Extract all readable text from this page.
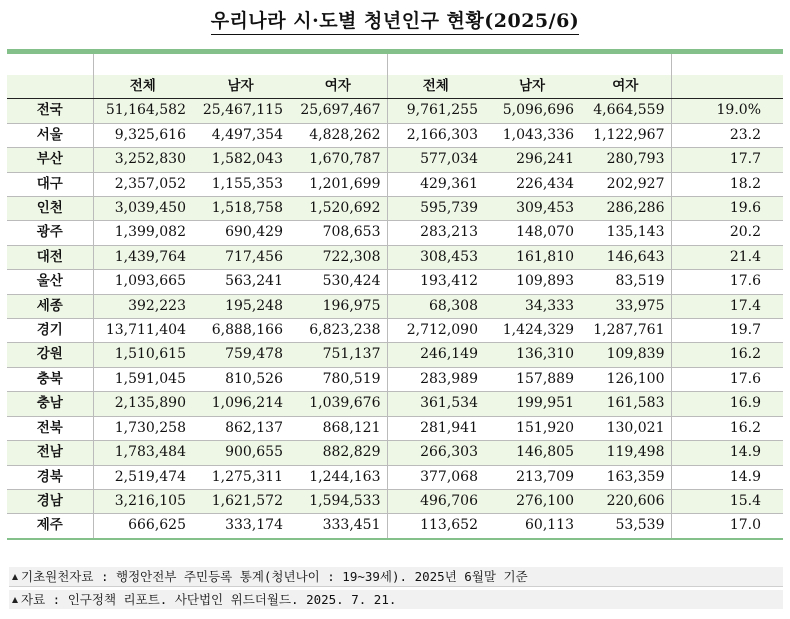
우리나라 시·도별 청년인구 현황(2025/6)

	전체	남자	여자	전체	남자	여자	
전국	51,164,582	25,467,115	25,697,467	9,761,255	5,096,696	4,664,559	19.0%
서울	9,325,616	4,497,354	4,828,262	2,166,303	1,043,336	1,122,967	23.2
부산	3,252,830	1,582,043	1,670,787	577,034	296,241	280,793	17.7
대구	2,357,052	1,155,353	1,201,699	429,361	226,434	202,927	18.2
인천	3,039,450	1,518,758	1,520,692	595,739	309,453	286,286	19.6
광주	1,399,082	690,429	708,653	283,213	148,070	135,143	20.2
대전	1,439,764	717,456	722,308	308,453	161,810	146,643	21.4
울산	1,093,665	563,241	530,424	193,412	109,893	83,519	17.6
세종	392,223	195,248	196,975	68,308	34,333	33,975	17.4
경기	13,711,404	6,888,166	6,823,238	2,712,090	1,424,329	1,287,761	19.7
강원	1,510,615	759,478	751,137	246,149	136,310	109,839	16.2
충북	1,591,045	810,526	780,519	283,989	157,889	126,100	17.6
충남	2,135,890	1,096,214	1,039,676	361,534	199,951	161,583	16.9
전북	1,730,258	862,137	868,121	281,941	151,920	130,021	16.2
전남	1,783,484	900,655	882,829	266,303	146,805	119,498	14.9
경북	2,519,474	1,275,311	1,244,163	377,068	213,709	163,359	14.9
경남	3,216,105	1,621,572	1,594,533	496,706	276,100	220,606	15.4
제주	666,625	333,174	333,451	113,652	60,113	53,539	17.0
기초원천자료 : 행정안전부 주민등록 통계(청년나이 : 19~39세). 2025년 6월말 기준
자료 : 인구정책 리포트. 사단법인 위드더월드. 2025. 7. 21.
